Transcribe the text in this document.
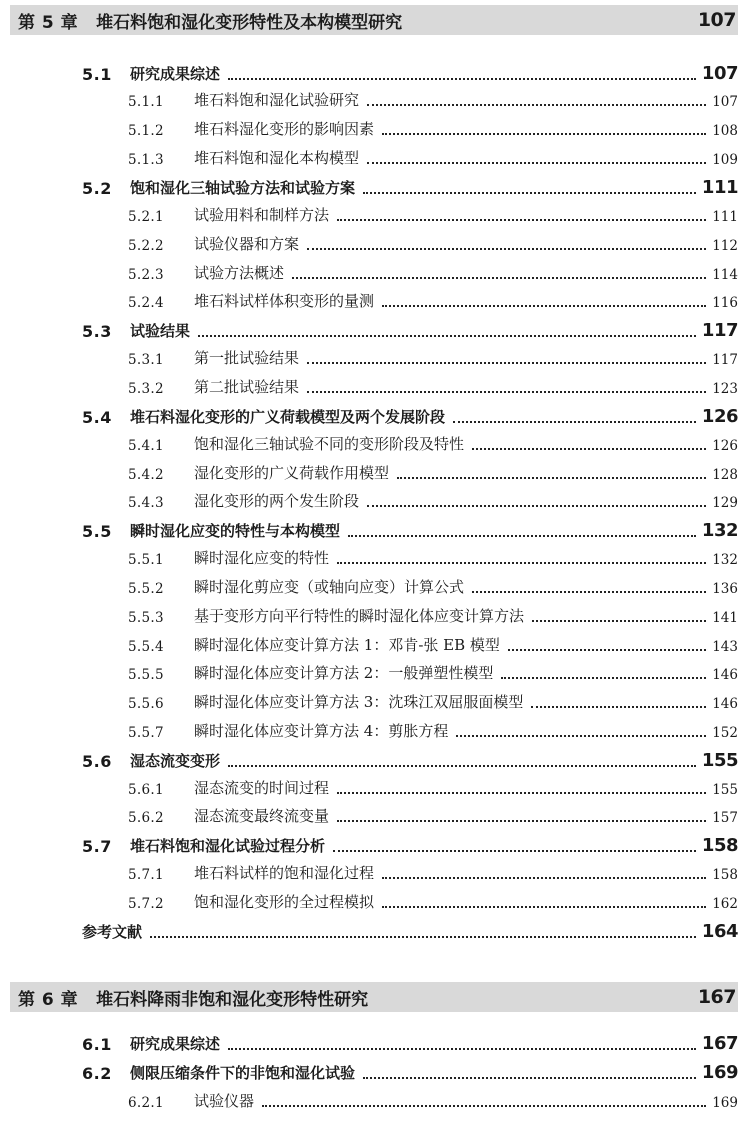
第 5 章 堆石料饱和湿化变形特性及本构模型研究	107
5.1	研究成果综述	107
5.1.1	堆石料饱和湿化试验研究	107
5.1.2	堆石料湿化变形的影响因素	108
5.1.3	堆石料饱和湿化本构模型	109
5.2	饱和湿化三轴试验方法和试验方案	111
5.2.1	试验用料和制样方法	111
5.2.2	试验仪器和方案	112
5.2.3	试验方法概述	114
5.2.4	堆石料试样体积变形的量测	116
5.3	试验结果	117
5.3.1	第一批试验结果	117
5.3.2	第二批试验结果	123
5.4	堆石料湿化变形的广义荷载模型及两个发展阶段	126
5.4.1	饱和湿化三轴试验不同的变形阶段及特性	126
5.4.2	湿化变形的广义荷载作用模型	128
5.4.3	湿化变形的两个发生阶段	129
5.5	瞬时湿化应变的特性与本构模型	132
5.5.1	瞬时湿化应变的特性	132
5.5.2	瞬时湿化剪应变（或轴向应变）计算公式	136
5.5.3	基于变形方向平行特性的瞬时湿化体应变计算方法	141
5.5.4	瞬时湿化体应变计算方法 1：邓肯-张 EB 模型	143
5.5.5	瞬时湿化体应变计算方法 2：一般弹塑性模型	146
5.5.6	瞬时湿化体应变计算方法 3：沈珠江双屈服面模型	146
5.5.7	瞬时湿化体应变计算方法 4：剪胀方程	152
5.6	湿态流变变形	155
5.6.1	湿态流变的时间过程	155
5.6.2	湿态流变最终流变量	157
5.7	堆石料饱和湿化试验过程分析	158
5.7.1	堆石料试样的饱和湿化过程	158
5.7.2	饱和湿化变形的全过程模拟	162
参考文献	164
第 6 章 堆石料降雨非饱和湿化变形特性研究	167
6.1	研究成果综述	167
6.2	侧限压缩条件下的非饱和湿化试验	169
6.2.1	试验仪器	169
